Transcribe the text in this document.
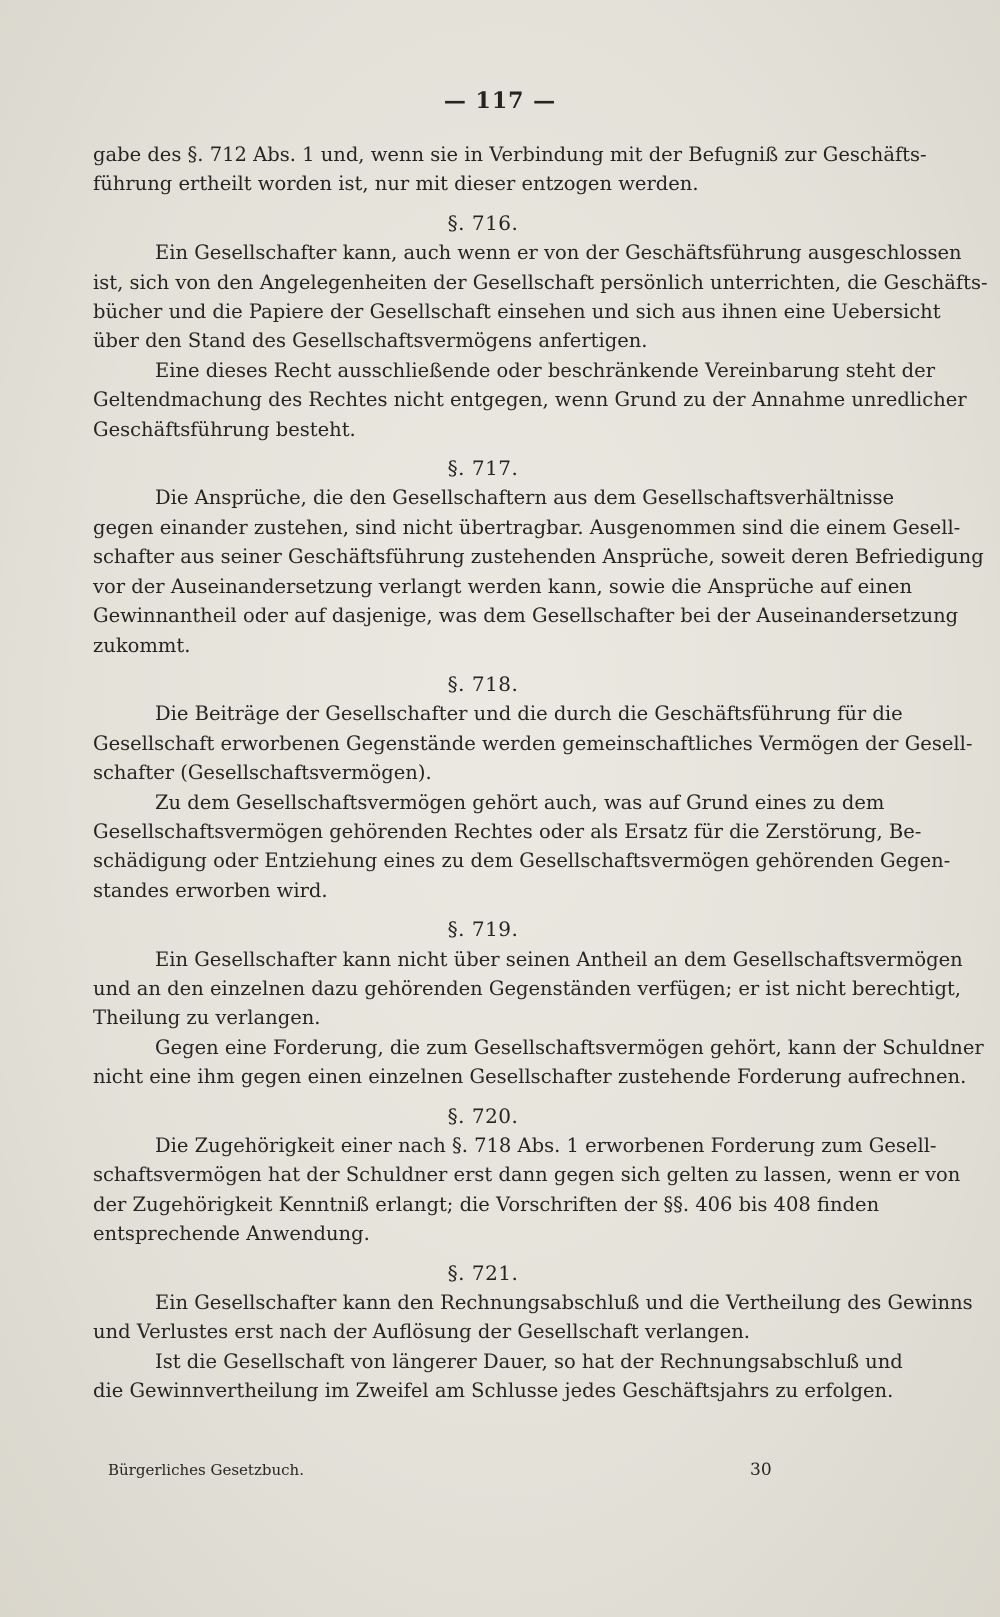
— 117 —
gabe des §. 712 Abs. 1 und, wenn sie in Verbindung mit der Befugniß zur Geschäfts-
führung ertheilt worden ist, nur mit dieser entzogen werden.
§. 716.
Ein Gesellschafter kann, auch wenn er von der Geschäftsführung ausgeschlossen
ist, sich von den Angelegenheiten der Gesellschaft persönlich unterrichten, die Geschäfts-
bücher und die Papiere der Gesellschaft einsehen und sich aus ihnen eine Uebersicht
über den Stand des Gesellschaftsvermögens anfertigen.
Eine dieses Recht ausschließende oder beschränkende Vereinbarung steht der
Geltendmachung des Rechtes nicht entgegen, wenn Grund zu der Annahme unredlicher
Geschäftsführung besteht.
§. 717.
Die Ansprüche, die den Gesellschaftern aus dem Gesellschaftsverhältnisse
gegen einander zustehen, sind nicht übertragbar. Ausgenommen sind die einem Gesell-
schafter aus seiner Geschäftsführung zustehenden Ansprüche, soweit deren Befriedigung
vor der Auseinandersetzung verlangt werden kann, sowie die Ansprüche auf einen
Gewinnantheil oder auf dasjenige, was dem Gesellschafter bei der Auseinandersetzung
zukommt.
§. 718.
Die Beiträge der Gesellschafter und die durch die Geschäftsführung für die
Gesellschaft erworbenen Gegenstände werden gemeinschaftliches Vermögen der Gesell-
schafter (Gesellschaftsvermögen).
Zu dem Gesellschaftsvermögen gehört auch, was auf Grund eines zu dem
Gesellschaftsvermögen gehörenden Rechtes oder als Ersatz für die Zerstörung, Be-
schädigung oder Entziehung eines zu dem Gesellschaftsvermögen gehörenden Gegen-
standes erworben wird.
§. 719.
Ein Gesellschafter kann nicht über seinen Antheil an dem Gesellschaftsvermögen
und an den einzelnen dazu gehörenden Gegenständen verfügen; er ist nicht berechtigt,
Theilung zu verlangen.
Gegen eine Forderung, die zum Gesellschaftsvermögen gehört, kann der Schuldner
nicht eine ihm gegen einen einzelnen Gesellschafter zustehende Forderung aufrechnen.
§. 720.
Die Zugehörigkeit einer nach §. 718 Abs. 1 erworbenen Forderung zum Gesell-
schaftsvermögen hat der Schuldner erst dann gegen sich gelten zu lassen, wenn er von
der Zugehörigkeit Kenntniß erlangt; die Vorschriften der §§. 406 bis 408 finden
entsprechende Anwendung.
§. 721.
Ein Gesellschafter kann den Rechnungsabschluß und die Vertheilung des Gewinns
und Verlustes erst nach der Auflösung der Gesellschaft verlangen.
Ist die Gesellschaft von längerer Dauer, so hat der Rechnungsabschluß und
die Gewinnvertheilung im Zweifel am Schlusse jedes Geschäftsjahrs zu erfolgen.
Bürgerliches Gesetzbuch.	30
